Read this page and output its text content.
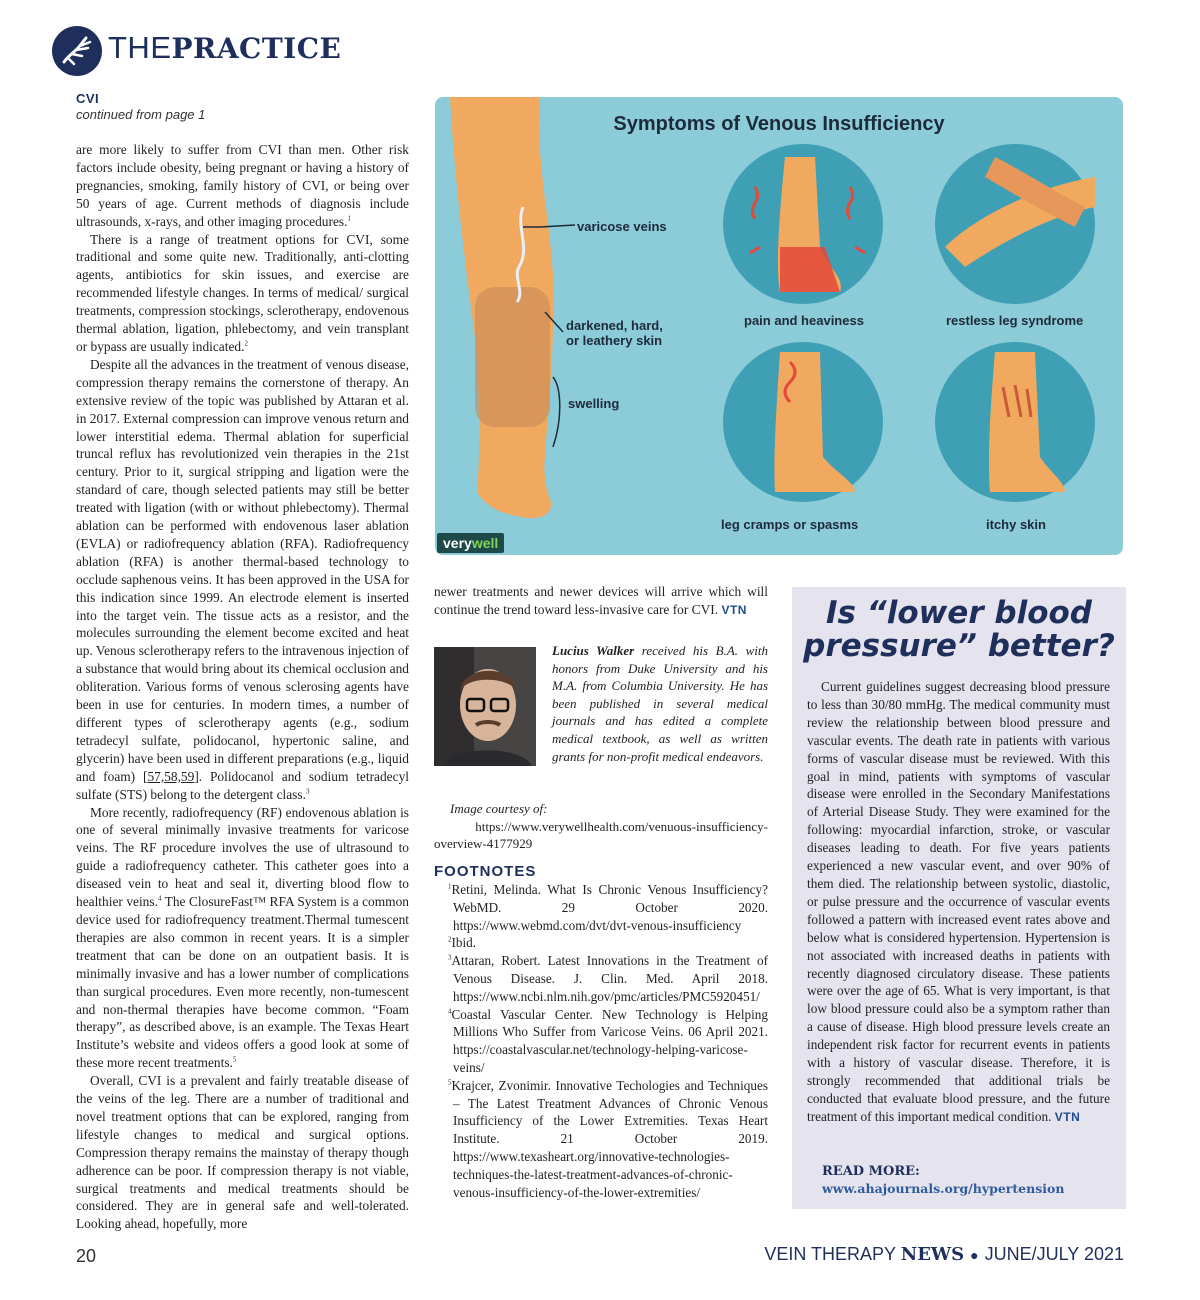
THEPRACTICE
CVI
continued from page 1

are more likely to suffer from CVI than men. Other risk factors include obesity, being pregnant or having a history of pregnancies, smoking, family history of CVI, or being over 50 years of age. Current methods of diagnosis include ultrasounds, x-rays, and other imaging procedures.$^1$

There is a range of treatment options for CVI, some traditional and some quite new. Traditionally, anti-clotting agents, antibiotics for skin issues, and exercise are recommended lifestyle changes. In terms of medical/ surgical treatments, compression stockings, sclerotherapy, endovenous thermal ablation, ligation, phlebectomy, and vein transplant or bypass are usually indicated.$^2$

Despite all the advances in the treatment of venous disease, compression therapy remains the cornerstone of therapy. An extensive review of the topic was published by Attaran et al. in 2017. External compression can improve venous return and lower interstitial edema. Thermal ablation for superficial truncal reflux has revolutionized vein therapies in the 21st century. Prior to it, surgical stripping and ligation were the standard of care, though selected patients may still be better treated with ligation (with or without phlebectomy). Thermal ablation can be performed with endovenous laser ablation (EVLA) or radiofrequency ablation (RFA). Radiofrequency ablation (RFA) is another thermal-based technology to occlude saphenous veins. It has been approved in the USA for this indication since 1999. An electrode element is inserted into the target vein. The tissue acts as a resistor, and the molecules surrounding the element become excited and heat up. Venous sclerotherapy refers to the intravenous injection of a substance that would bring about its chemical occlusion and obliteration. Various forms of venous sclerosing agents have been in use for centuries. In modern times, a number of different types of sclerotherapy agents (e.g., sodium tetradecyl sulfate, polidocanol, hypertonic saline, and glycerin) have been used in different preparations (e.g., liquid and foam) [57,58,59]. Polidocanol and sodium tetradecyl sulfate (STS) belong to the detergent class.$^3$

More recently, radiofrequency (RF) endovenous ablation is one of several minimally invasive treatments for varicose veins. The RF procedure involves the use of ultrasound to guide a radiofrequency catheter. This catheter goes into a diseased vein to heat and seal it, diverting blood flow to healthier veins.$^4$ The ClosureFast™ RFA System is a common device used for radiofrequency treatment.Thermal tumescent therapies are also common in recent years. It is a simpler treatment that can be done on an outpatient basis. It is minimally invasive and has a lower number of complications than surgical procedures. Even more recently, non-tumescent and non-thermal therapies have become common. “Foam therapy”, as described above, is an example. The Texas Heart Institute’s website and videos offers a good look at some of these more recent treatments.$^5$

Overall, CVI is a prevalent and fairly treatable disease of the veins of the leg. There are a number of traditional and novel treatment options that can be explored, ranging from lifestyle changes to medical and surgical options. Compression therapy remains the mainstay of therapy though adherence can be poor. If compression therapy is not viable, surgical treatments and medical treatments should be considered. They are in general safe and well-tolerated. Looking ahead, hopefully, more

Symptoms of Venous Insufficiency
varicose veins
darkened, hard,
or leathery skin
swelling
pain and heaviness	restless leg syndrome
leg cramps or spasms	itchy skin
verywell

newer treatments and newer devices will arrive which will continue the trend toward less-invasive care for CVI. VTN

Lucius Walker received his B.A. with honors from Duke University and his M.A. from Columbia University. He has been published in several medical journals and has edited a complete medical textbook, as well as written grants for non-profit medical endeavors.
Image courtesy of:
https://www.verywellhealth.com/venuous-insufficiency-
overview-4177929
FOOTNOTES
$^1$Retini, Melinda. What Is Chronic Venous Insufficiency? WebMD. 29 October 2020. https://www.webmd.com/dvt/dvt-venous-insufficiency
$^2$Ibid.
$^3$Attaran, Robert. Latest Innovations in the Treatment of Venous Disease. J. Clin. Med. April 2018. https://www.ncbi.nlm.nih.gov/pmc/articles/PMC5920451/
$^4$Coastal Vascular Center. New Technology is Helping Millions Who Suffer from Varicose Veins. 06 April 2021. https://coastalvascular.net/technology-helping-varicose-veins/
$^5$Krajcer, Zvonimir. Innovative Techologies and Techniques – The Latest Treatment Advances of Chronic Venous Insufficiency of the Lower Extremities. Texas Heart Institute. 21 October 2019. https://www.texasheart.org/innovative-technologies-techniques-the-latest-treatment-advances-of-chronic-venous-insufficiency-of-the-lower-extremities/
Is “lower blood pressure” better?

Current guidelines suggest decreasing blood pressure to less than 30/80 mmHg. The medical community must review the relationship between blood pressure and vascular events. The death rate in patients with various forms of vascular disease must be reviewed. With this goal in mind, patients with symptoms of vascular disease were enrolled in the Secondary Manifestations of Arterial Disease Study. They were examined for the following: myocardial infarction, stroke, or vascular diseases leading to death. For five years patients experienced a new vascular event, and over 90% of them died. The relationship between systolic, diastolic, or pulse pressure and the occurrence of vascular events followed a pattern with increased event rates above and below what is considered hypertension. Hypertension is not associated with increased deaths in patients with recently diagnosed circulatory disease. These patients were over the age of 65. What is very important, is that low blood pressure could also be a symptom rather than a cause of disease. High blood pressure levels create an independent risk factor for recurrent events in patients with a history of vascular disease. Therefore, it is strongly recommended that additional trials be conducted that evaluate blood pressure, and the future treatment of this important medical condition. VTN

READ MORE:
www.ahajournals.org/hypertension
20	VEIN THERAPY NEWS ● JUNE/JULY 2021
